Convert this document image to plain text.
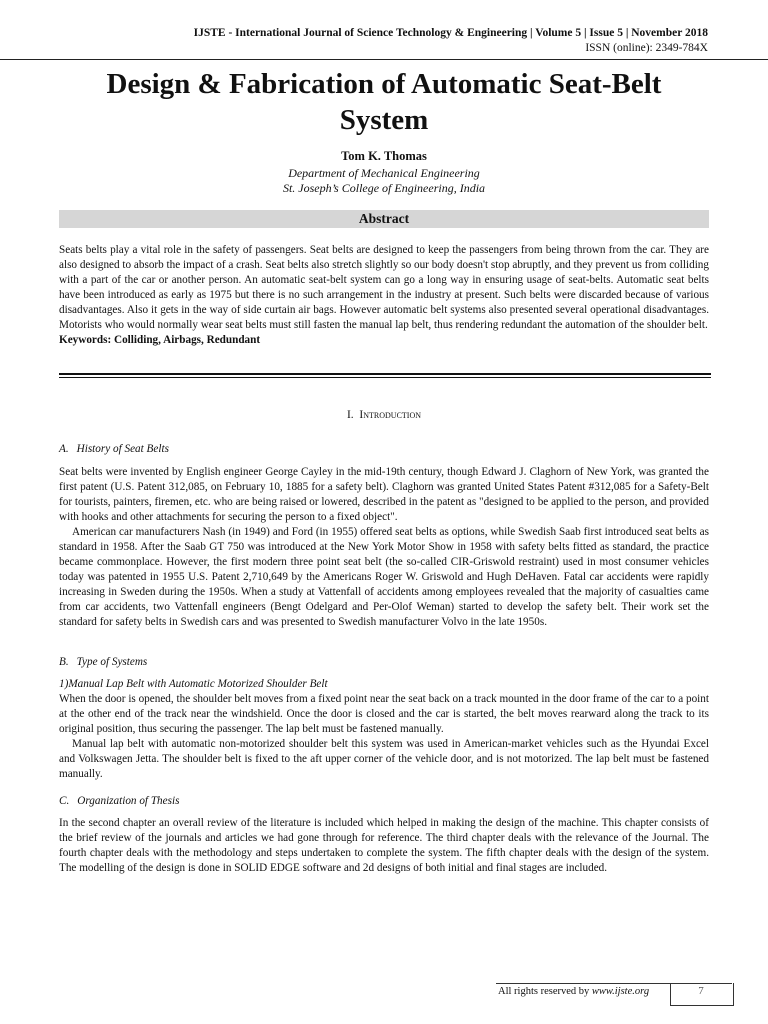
IJSTE - International Journal of Science Technology & Engineering | Volume 5 | Issue 5 | November 2018
ISSN (online): 2349-784X
Design & Fabrication of Automatic Seat-Belt
System
Tom K. Thomas
Department of Mechanical Engineering
St. Joseph’s College of Engineering, India
Abstract

Seats belts play a vital role in the safety of passengers. Seat belts are designed to keep the passengers from being thrown from the car. They are also designed to absorb the impact of a crash. Seat belts also stretch slightly so our body doesn't stop abruptly, and they prevent us from colliding with a part of the car or another person. An automatic seat-belt system can go a long way in ensuring usage of seat-belts. Automatic seat belts have been introduced as early as 1975 but there is no such arrangement in the industry at present. Such belts were discarded because of various disadvantages. Also it gets in the way of side curtain air bags. However automatic belt systems also presented several operational disadvantages. Motorists who would normally wear seat belts must still fasten the manual lap belt, thus rendering redundant the automation of the shoulder belt.

Keywords: Colliding, Airbags, Redundant

I. Introduction
A. History of Seat Belts

Seat belts were invented by English engineer George Cayley in the mid-19th century, though Edward J. Claghorn of New York, was granted the first patent (U.S. Patent 312,085, on February 10, 1885 for a safety belt). Claghorn was granted United States Patent #312,085 for a Safety-Belt for tourists, painters, firemen, etc. who are being raised or lowered, described in the patent as "designed to be applied to the person, and provided with hooks and other attachments for securing the person to a fixed object".

American car manufacturers Nash (in 1949) and Ford (in 1955) offered seat belts as options, while Swedish Saab first introduced seat belts as standard in 1958. After the Saab GT 750 was introduced at the New York Motor Show in 1958 with safety belts fitted as standard, the practice became commonplace. However, the first modern three point seat belt (the so-called CIR-Griswold restraint) used in most consumer vehicles today was patented in 1955 U.S. Patent 2,710,649 by the Americans Roger W. Griswold and Hugh DeHaven. Fatal car accidents were rapidly increasing in Sweden during the 1950s. When a study at Vattenfall of accidents among employees revealed that the majority of casualties came from car accidents, two Vattenfall engineers (Bengt Odelgard and Per-Olof Weman) started to develop the safety belt. Their work set the standard for safety belts in Swedish cars and was presented to Swedish manufacturer Volvo in the late 1950s.

B. Type of Systems

1)Manual Lap Belt with Automatic Motorized Shoulder Belt

When the door is opened, the shoulder belt moves from a fixed point near the seat back on a track mounted in the door frame of the car to a point at the other end of the track near the windshield. Once the door is closed and the car is started, the belt moves rearward along the track to its original position, thus securing the passenger. The lap belt must be fastened manually.

Manual lap belt with automatic non-motorized shoulder belt this system was used in American-market vehicles such as the Hyundai Excel and Volkswagen Jetta. The shoulder belt is fixed to the aft upper corner of the vehicle door, and is not motorized. The lap belt must be fastened manually.

C. Organization of Thesis

In the second chapter an overall review of the literature is included which helped in making the design of the machine. This chapter consists of the brief review of the journals and articles we had gone through for reference. The third chapter deals with the relevance of the Journal. The fourth chapter deals with the methodology and steps undertaken to complete the system. The fifth chapter deals with the design of the system. The modelling of the design is done in SOLID EDGE software and 2d designs of both initial and final stages are included.

All rights reserved by www.ijste.org	7
